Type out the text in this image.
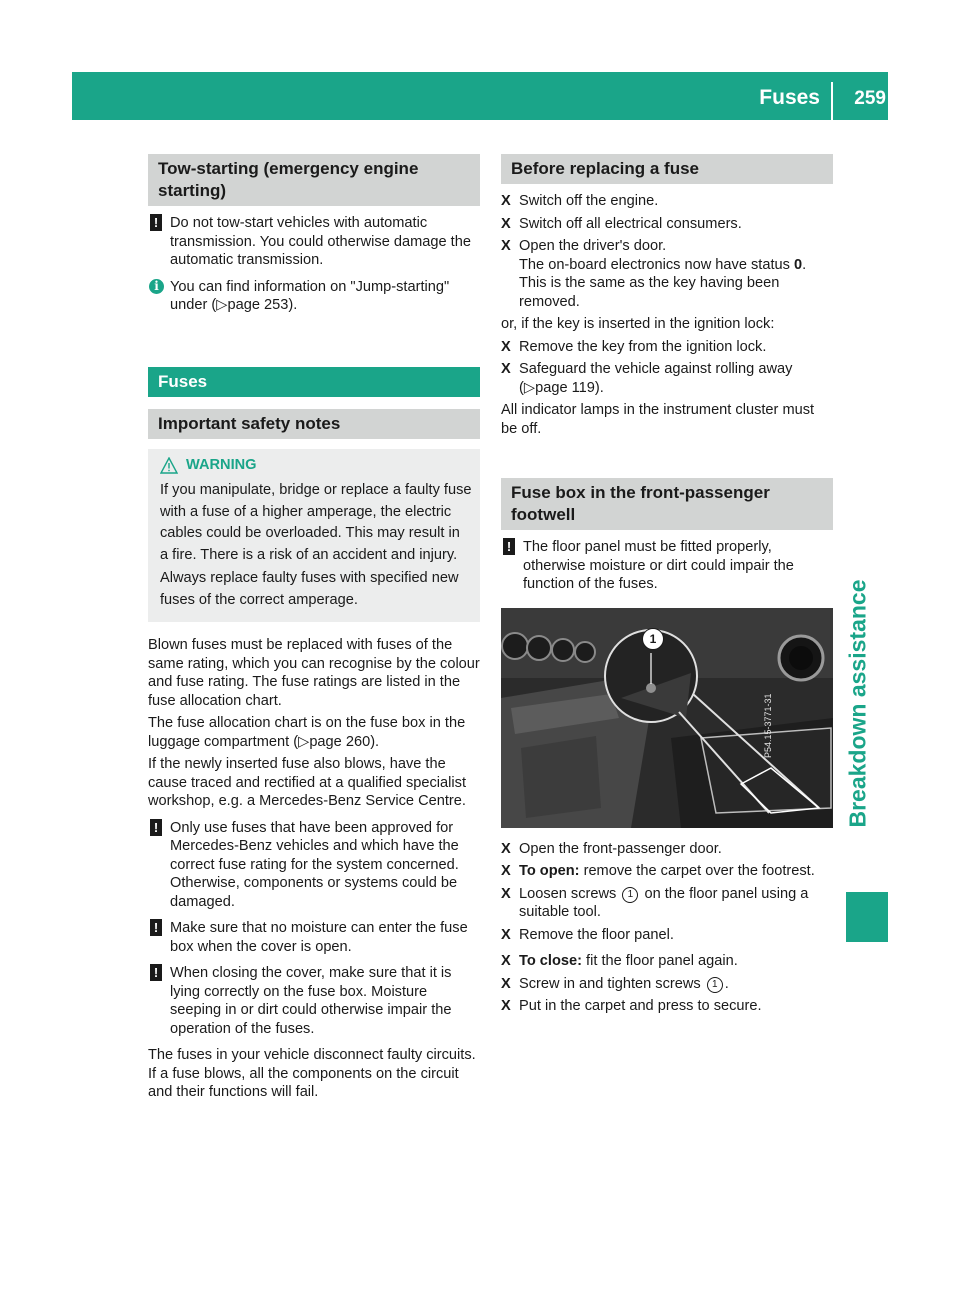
Fuses 259
Breakdown assistance
Tow-starting (emergency engine starting)
! Do not tow-start vehicles with automatic transmission. You could otherwise damage the automatic transmission.
i You can find information on "Jump-starting" under (▷page 253).
Fuses
Important safety notes
WARNING

If you manipulate, bridge or replace a faulty fuse with a fuse of a higher amperage, the electric cables could be overloaded. This may result in a fire. There is a risk of an accident and injury.

Always replace faulty fuses with specified new fuses of the correct amperage.

Blown fuses must be replaced with fuses of the same rating, which you can recognise by the colour and fuse rating. The fuse ratings are listed in the fuse allocation chart.

The fuse allocation chart is on the fuse box in the luggage compartment (▷page 260).

If the newly inserted fuse also blows, have the cause traced and rectified at a qualified specialist workshop, e.g. a Mercedes-Benz Service Centre.

! Only use fuses that have been approved for Mercedes-Benz vehicles and which have the correct fuse rating for the system concerned. Otherwise, components or systems could be damaged.
! Make sure that no moisture can enter the fuse box when the cover is open.
! When closing the cover, make sure that it is lying correctly on the fuse box. Moisture seeping in or dirt could otherwise impair the operation of the fuses.

The fuses in your vehicle disconnect faulty circuits. If a fuse blows, all the components on the circuit and their functions will fail.

Before replacing a fuse
X Switch off the engine.
X Switch off all electrical consumers.
X Open the driver's door.
The on-board electronics now have status 0.
This is the same as the key having been removed.

or, if the key is inserted in the ignition lock:

X Remove the key from the ignition lock.
X Safeguard the vehicle against rolling away (▷page 119).

All indicator lamps in the instrument cluster must be off.

Fuse box in the front-passenger footwell
! The floor panel must be fitted properly, otherwise moisture or dirt could impair the function of the fuses.
1
P54.15-3771-31
X Open the front-passenger door.
X To open: remove the carpet over the footrest.
X Loosen screws 1 on the floor panel using a suitable tool.
X Remove the floor panel.
X To close: fit the floor panel again.
X Screw in and tighten screws 1 .
X Put in the carpet and press to secure.
